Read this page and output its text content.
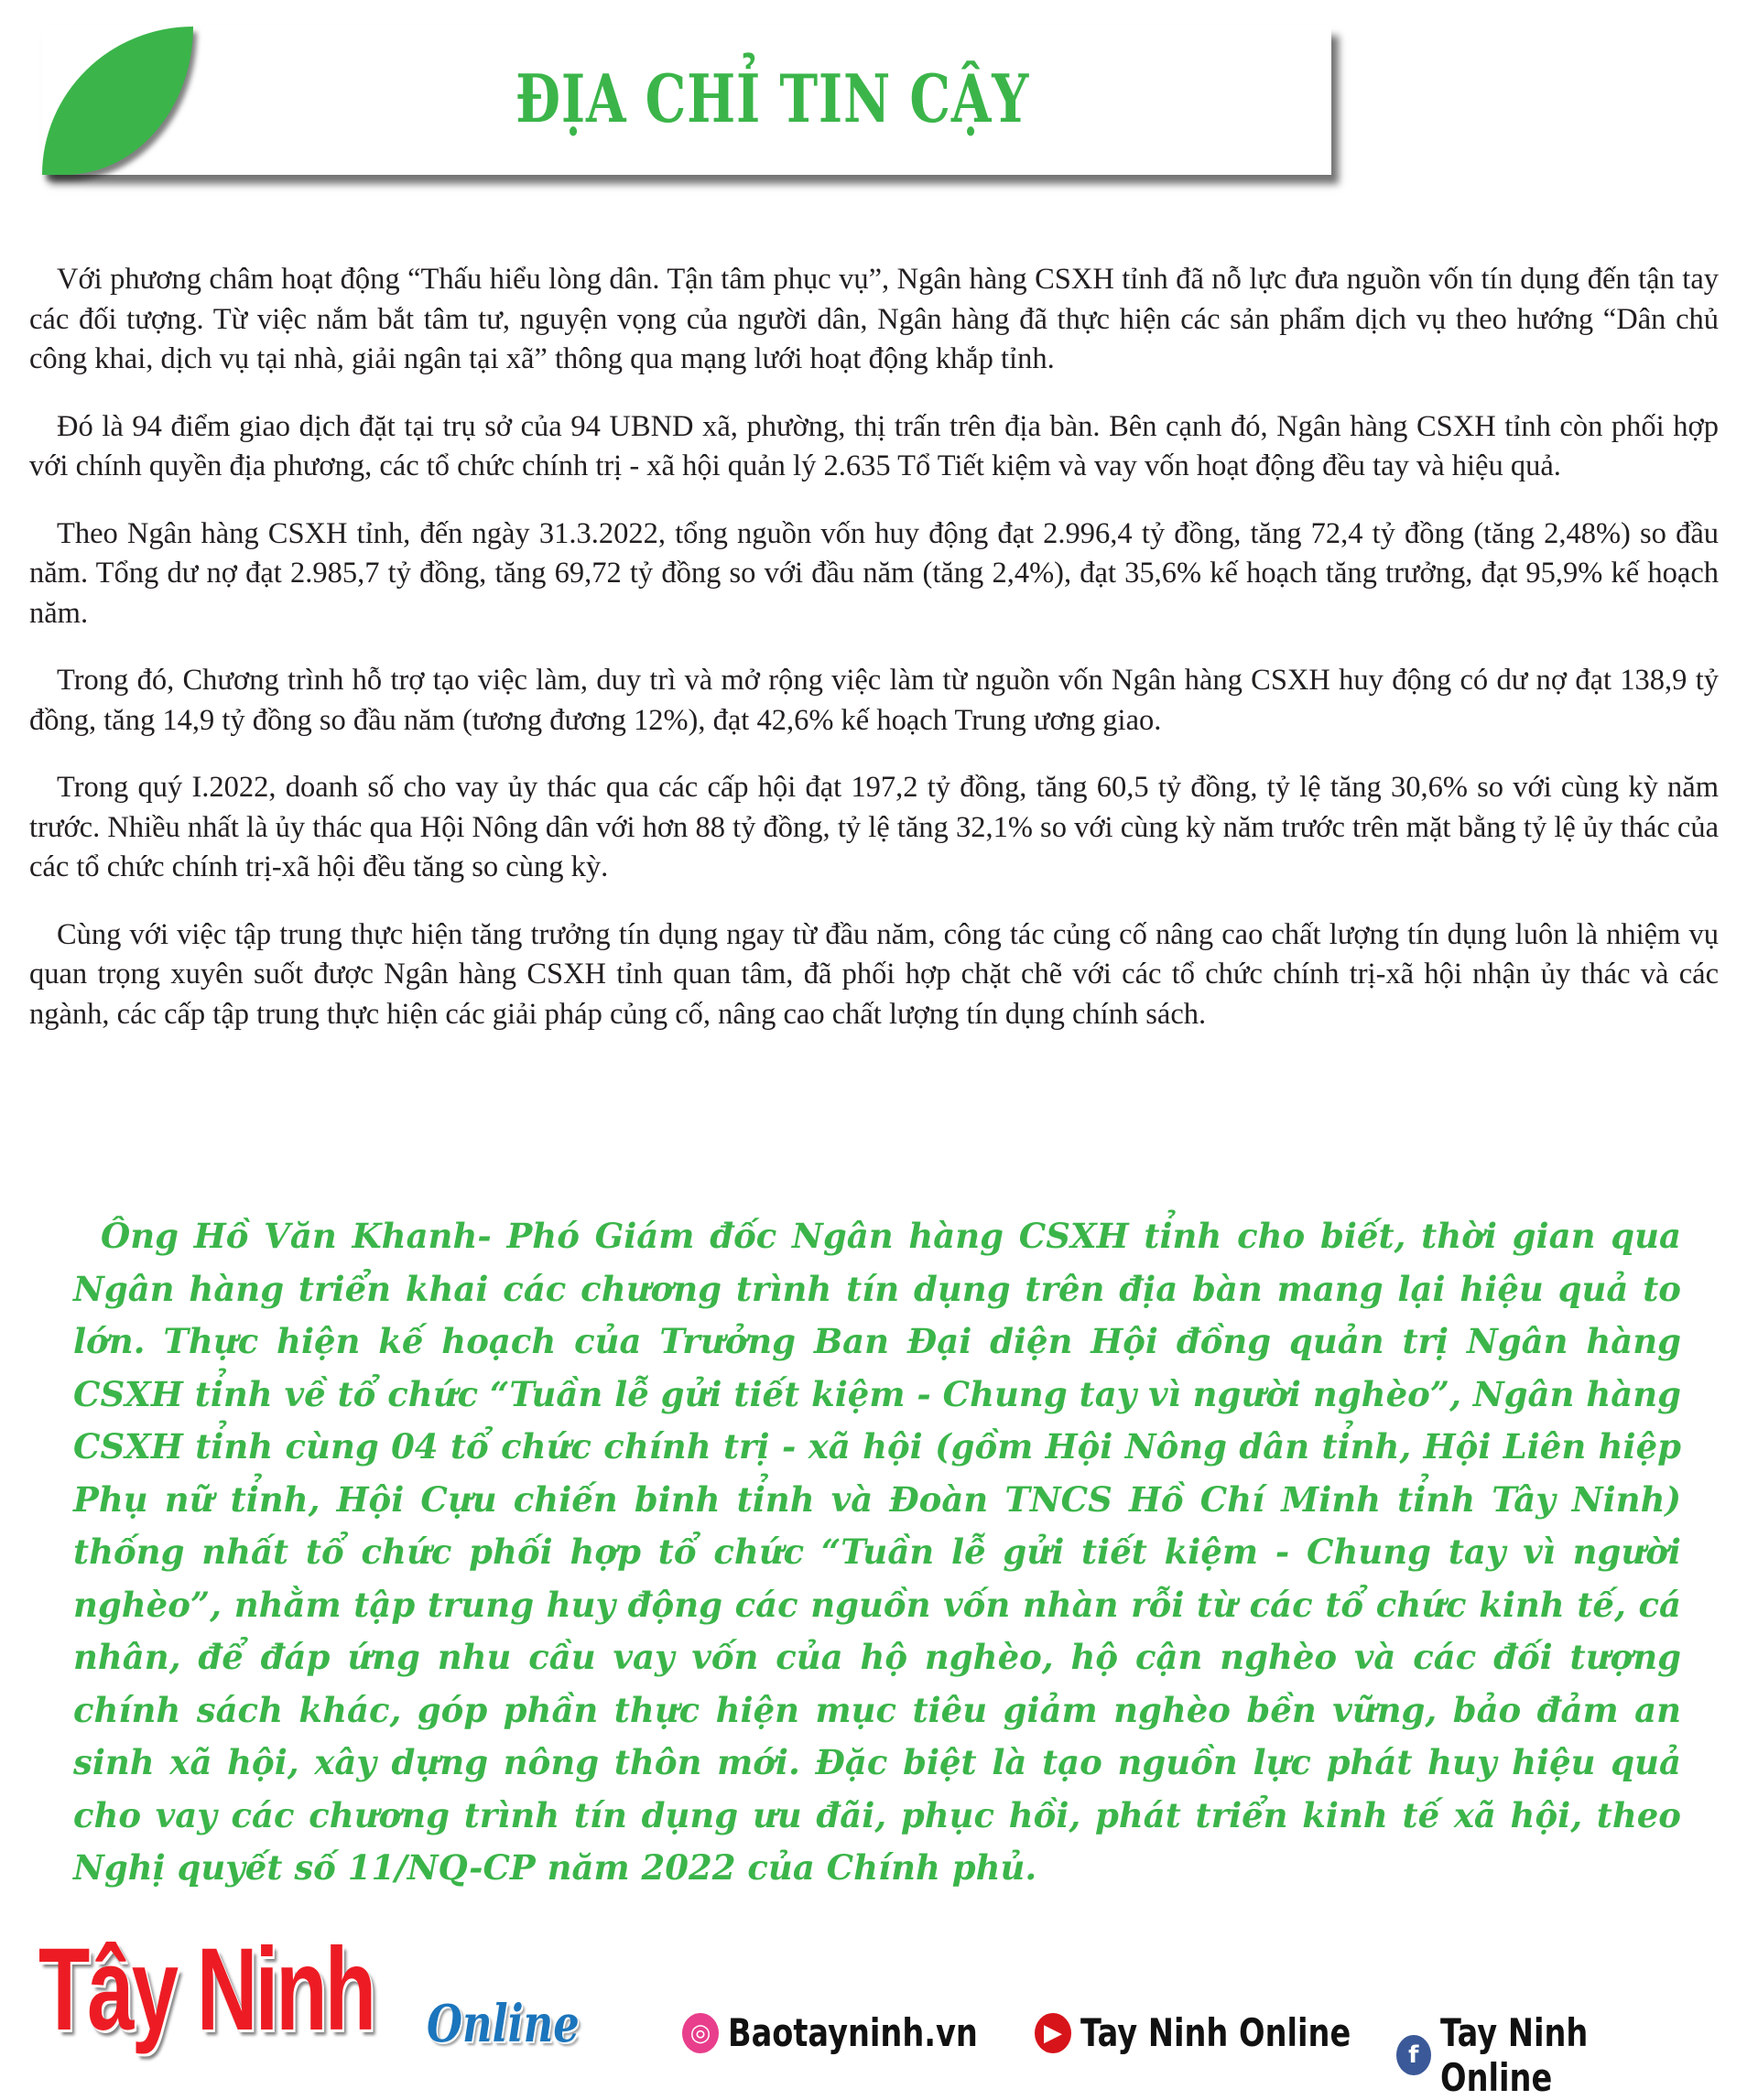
ĐỊA CHỈ TIN CẬY

Với phương châm hoạt động “Thấu hiểu lòng dân. Tận tâm phục vụ”, Ngân hàng CSXH tỉnh đã nỗ lực đưa nguồn vốn tín dụng đến tận tay các đối tượng. Từ việc nắm bắt tâm tư, nguyện vọng của người dân, Ngân hàng đã thực hiện các sản phẩm dịch vụ theo hướng “Dân chủ công khai, dịch vụ tại nhà, giải ngân tại xã” thông qua mạng lưới hoạt động khắp tỉnh.

Đó là 94 điểm giao dịch đặt tại trụ sở của 94 UBND xã, phường, thị trấn trên địa bàn. Bên cạnh đó, Ngân hàng CSXH tỉnh còn phối hợp với chính quyền địa phương, các tổ chức chính trị - xã hội quản lý 2.635 Tổ Tiết kiệm và vay vốn hoạt động đều tay và hiệu quả.

Theo Ngân hàng CSXH tỉnh, đến ngày 31.3.2022, tổng nguồn vốn huy động đạt 2.996,4 tỷ đồng, tăng 72,4 tỷ đồng (tăng 2,48%) so đầu năm. Tổng dư nợ đạt 2.985,7 tỷ đồng, tăng 69,72 tỷ đồng so với đầu năm (tăng 2,4%), đạt 35,6% kế hoạch tăng trưởng, đạt 95,9% kế hoạch năm.

Trong đó, Chương trình hỗ trợ tạo việc làm, duy trì và mở rộng việc làm từ nguồn vốn Ngân hàng CSXH huy động có dư nợ đạt 138,9 tỷ đồng, tăng 14,9 tỷ đồng so đầu năm (tương đương 12%), đạt 42,6% kế hoạch Trung ương giao.

Trong quý I.2022, doanh số cho vay ủy thác qua các cấp hội đạt 197,2 tỷ đồng, tăng 60,5 tỷ đồng, tỷ lệ tăng 30,6% so với cùng kỳ năm trước. Nhiều nhất là ủy thác qua Hội Nông dân với hơn 88 tỷ đồng, tỷ lệ tăng 32,1% so với cùng kỳ năm trước trên mặt bằng tỷ lệ ủy thác của các tổ chức chính trị-xã hội đều tăng so cùng kỳ.

Cùng với việc tập trung thực hiện tăng trưởng tín dụng ngay từ đầu năm, công tác củng cố nâng cao chất lượng tín dụng luôn là nhiệm vụ quan trọng xuyên suốt được Ngân hàng CSXH tỉnh quan tâm, đã phối hợp chặt chẽ với các tổ chức chính trị-xã hội nhận ủy thác và các ngành, các cấp tập trung thực hiện các giải pháp củng cố, nâng cao chất lượng tín dụng chính sách.

Ông Hồ Văn Khanh- Phó Giám đốc Ngân hàng CSXH tỉnh cho biết, thời gian qua Ngân hàng triển khai các chương trình tín dụng trên địa bàn mang lại hiệu quả to lớn. Thực hiện kế hoạch của Trưởng Ban Đại diện Hội đồng quản trị Ngân hàng CSXH tỉnh về tổ chức “Tuần lễ gửi tiết kiệm - Chung tay vì người nghèo”, Ngân hàng CSXH tỉnh cùng 04 tổ chức chính trị - xã hội (gồm Hội Nông dân tỉnh, Hội Liên hiệp Phụ nữ tỉnh, Hội Cựu chiến binh tỉnh và Đoàn TNCS Hồ Chí Minh tỉnh Tây Ninh) thống nhất tổ chức phối hợp tổ chức “Tuần lễ gửi tiết kiệm - Chung tay vì người nghèo”, nhằm tập trung huy động các nguồn vốn nhàn rỗi từ các tổ chức kinh tế, cá nhân, để đáp ứng nhu cầu vay vốn của hộ nghèo, hộ cận nghèo và các đối tượng chính sách khác, góp phần thực hiện mục tiêu giảm nghèo bền vững, bảo đảm an sinh xã hội, xây dựng nông thôn mới. Đặc biệt là tạo nguồn lực phát huy hiệu quả cho vay các chương trình tín dụng ưu đãi, phục hồi, phát triển kinh tế xã hội, theo Nghị quyết số 11/NQ-CP năm 2022 của Chính phủ.

Tây Ninh Online	◎ Baotayninh.vn	▶ Tay Ninh Online	f Tay Ninh Online
